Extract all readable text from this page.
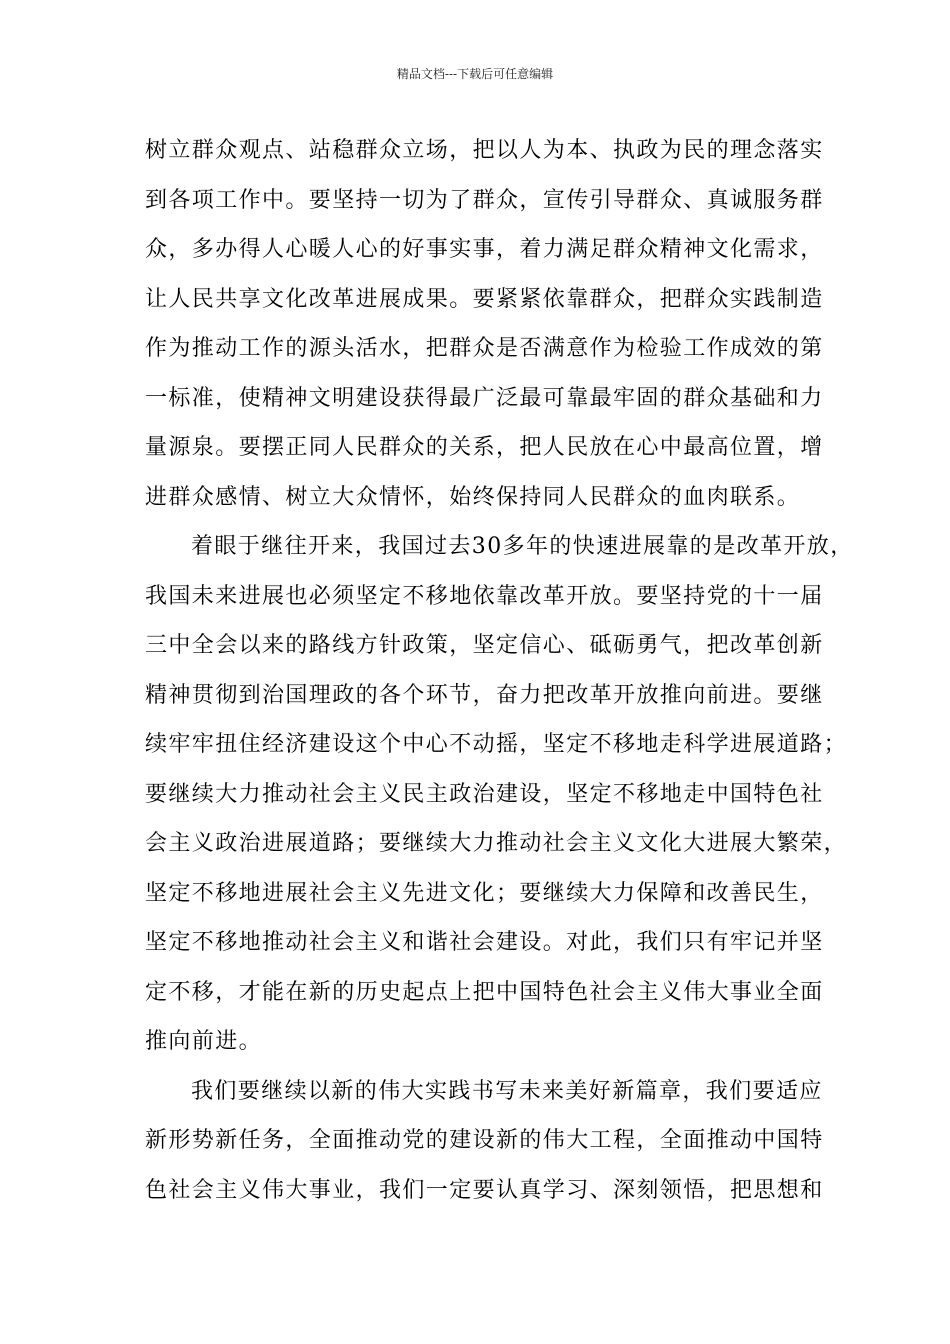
精品文档---下载后可任意编辑
树立群众观点、站稳群众立场，把以人为本、执政为民的理念落实
到各项工作中。要坚持一切为了群众，宣传引导群众、真诚服务群
众，多办得人心暖人心的好事实事，着力满足群众精神文化需求，
让人民共享文化改革进展成果。要紧紧依靠群众，把群众实践制造
作为推动工作的源头活水，把群众是否满意作为检验工作成效的第
一标准，使精神文明建设获得最广泛最可靠最牢固的群众基础和力
量源泉。要摆正同人民群众的关系，把人民放在心中最高位置，增
进群众感情、树立大众情怀，始终保持同人民群众的血肉联系。
着眼于继往开来，我国过去30多年的快速进展靠的是改革开放，
我国未来进展也必须坚定不移地依靠改革开放。要坚持党的十一届
三中全会以来的路线方针政策，坚定信心、砥砺勇气，把改革创新
精神贯彻到治国理政的各个环节，奋力把改革开放推向前进。要继
续牢牢扭住经济建设这个中心不动摇，坚定不移地走科学进展道路；
要继续大力推动社会主义民主政治建设，坚定不移地走中国特色社
会主义政治进展道路；要继续大力推动社会主义文化大进展大繁荣，
坚定不移地进展社会主义先进文化；要继续大力保障和改善民生，
坚定不移地推动社会主义和谐社会建设。对此，我们只有牢记并坚
定不移，才能在新的历史起点上把中国特色社会主义伟大事业全面
推向前进。
我们要继续以新的伟大实践书写未来美好新篇章，我们要适应
新形势新任务，全面推动党的建设新的伟大工程，全面推动中国特
色社会主义伟大事业，我们一定要认真学习、深刻领悟，把思想和
